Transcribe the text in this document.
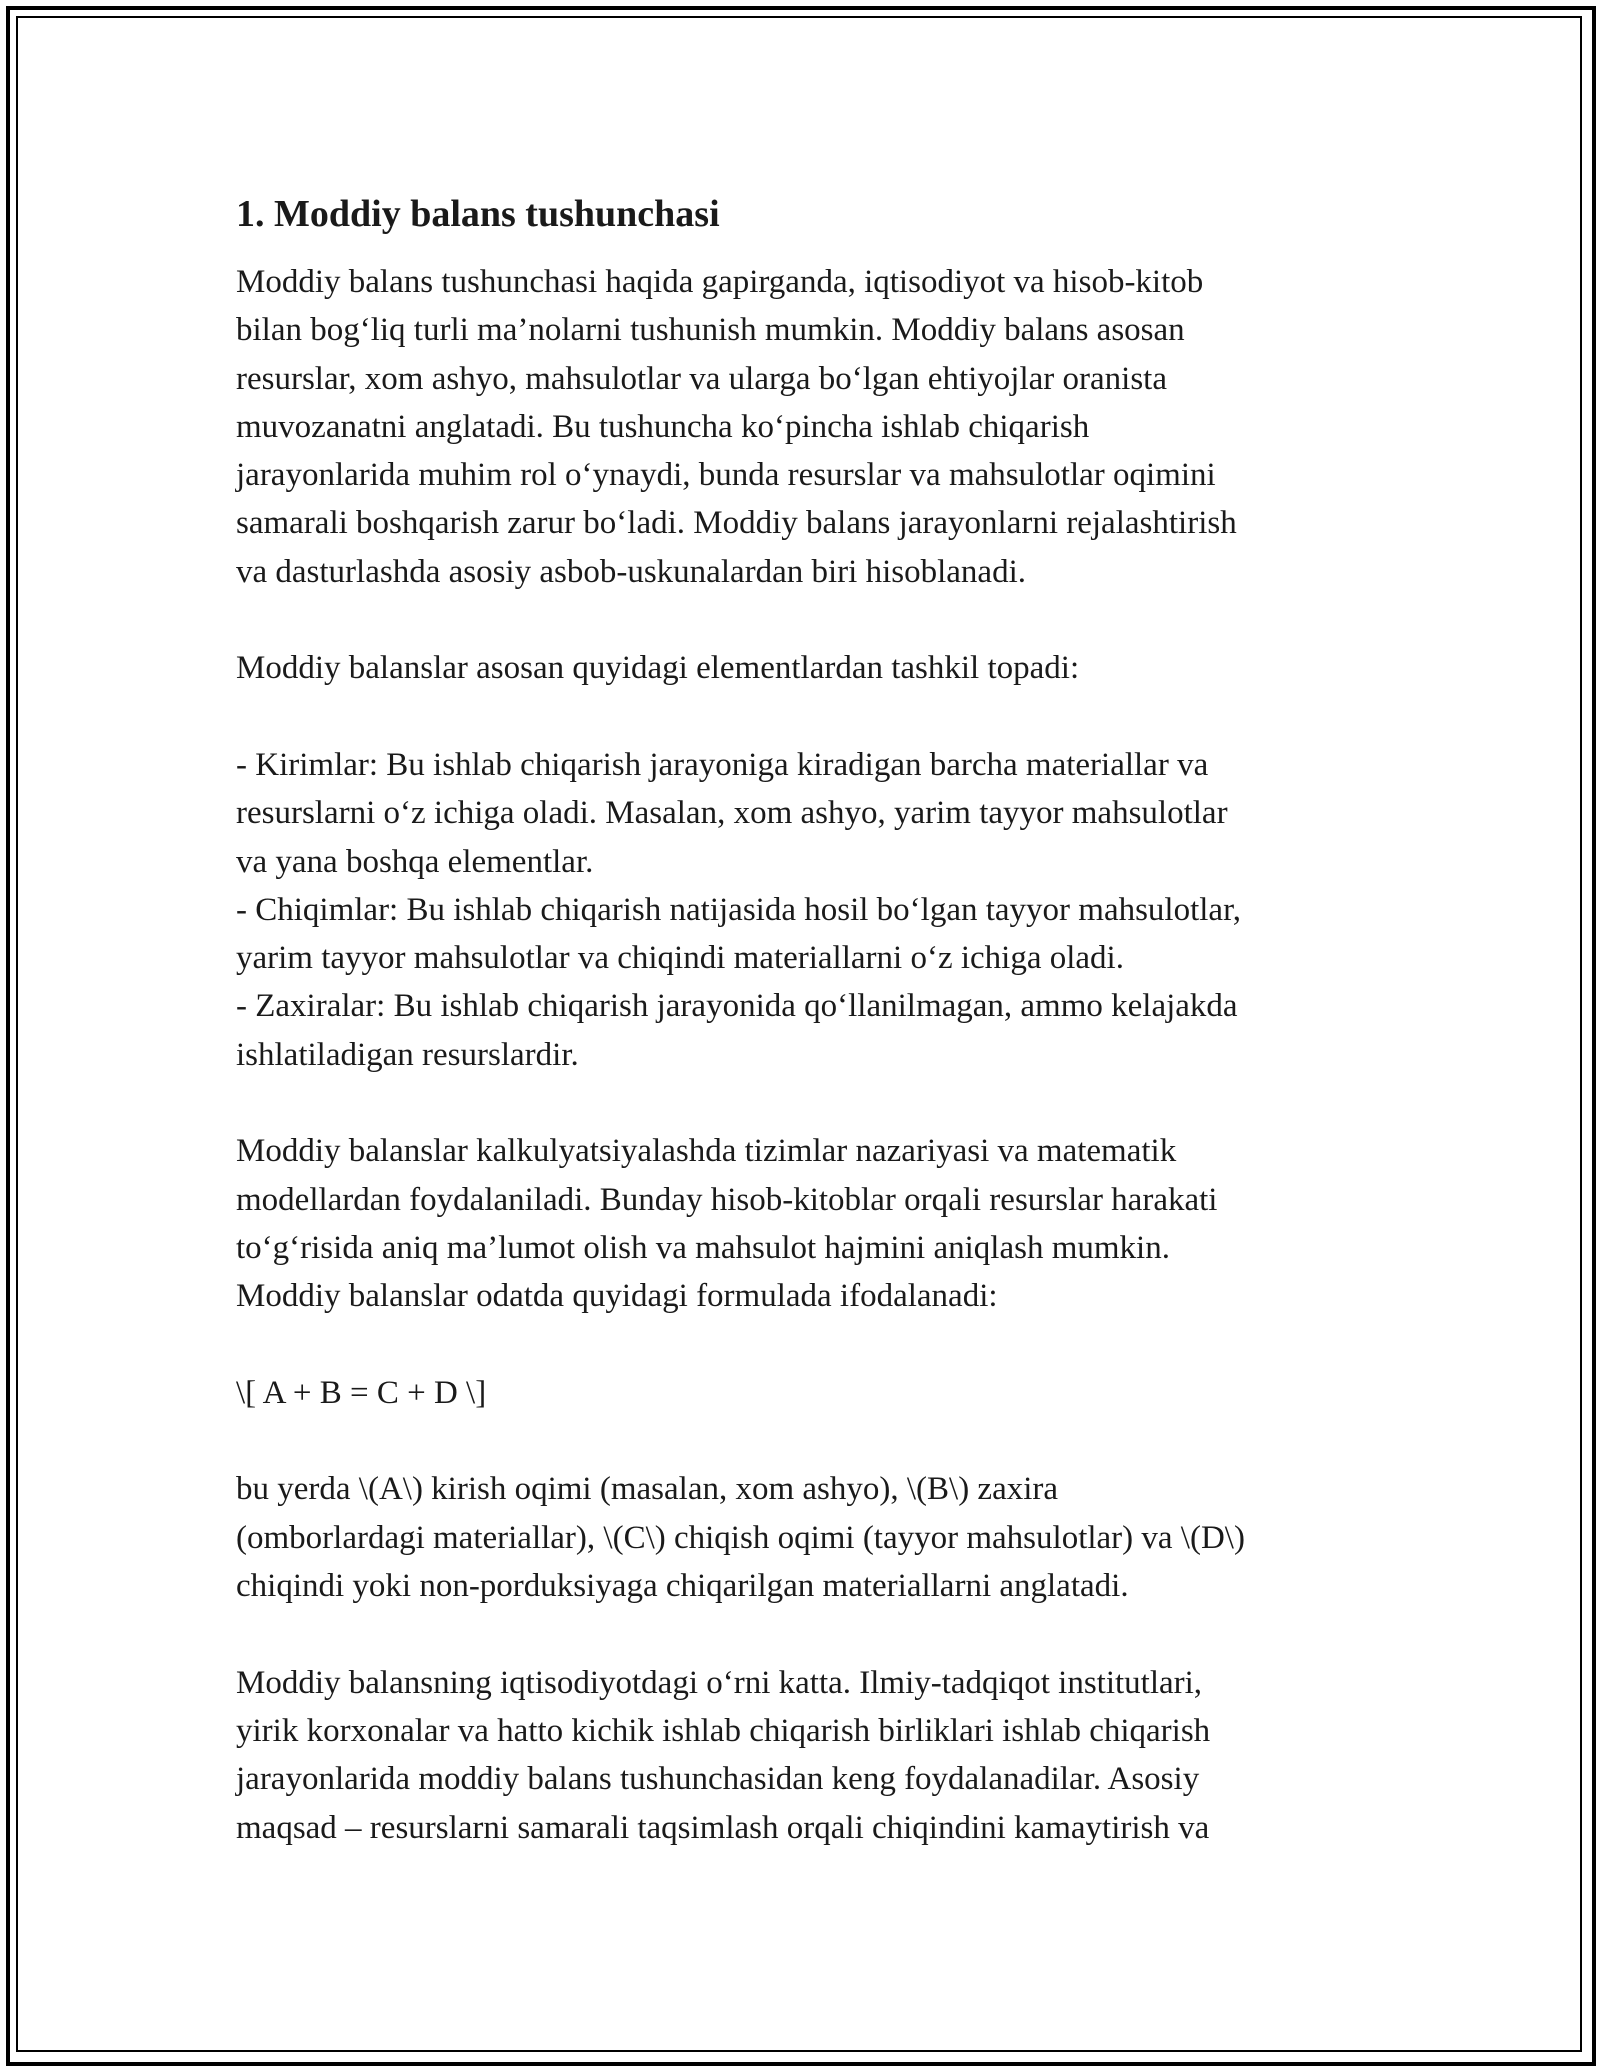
1. Moddiy balans tushunchasi
Moddiy balans tushunchasi haqida gapirganda, iqtisodiyot va hisob-kitob
bilan bog‘liq turli ma’nolarni tushunish mumkin. Moddiy balans asosan
resurslar, xom ashyo, mahsulotlar va ularga bo‘lgan ehtiyojlar oranista
muvozanatni anglatadi. Bu tushuncha ko‘pincha ishlab chiqarish
jarayonlarida muhim rol o‘ynaydi, bunda resurslar va mahsulotlar oqimini
samarali boshqarish zarur bo‘ladi. Moddiy balans jarayonlarni rejalashtirish
va dasturlashda asosiy asbob-uskunalardan biri hisoblanadi.
Moddiy balanslar asosan quyidagi elementlardan tashkil topadi:
- Kirimlar: Bu ishlab chiqarish jarayoniga kiradigan barcha materiallar va
resurslarni o‘z ichiga oladi. Masalan, xom ashyo, yarim tayyor mahsulotlar
va yana boshqa elementlar.
- Chiqimlar: Bu ishlab chiqarish natijasida hosil bo‘lgan tayyor mahsulotlar,
yarim tayyor mahsulotlar va chiqindi materiallarni o‘z ichiga oladi.
- Zaxiralar: Bu ishlab chiqarish jarayonida qo‘llanilmagan, ammo kelajakda
ishlatiladigan resurslardir.
Moddiy balanslar kalkulyatsiyalashda tizimlar nazariyasi va matematik
modellardan foydalaniladi. Bunday hisob-kitoblar orqali resurslar harakati
to‘g‘risida aniq ma’lumot olish va mahsulot hajmini aniqlash mumkin.
Moddiy balanslar odatda quyidagi formulada ifodalanadi:
\[ A + B = C + D \]
bu yerda \(A\) kirish oqimi (masalan, xom ashyo), \(B\) zaxira
(omborlardagi materiallar), \(C\) chiqish oqimi (tayyor mahsulotlar) va \(D\)
chiqindi yoki non-porduksiyaga chiqarilgan materiallarni anglatadi.
Moddiy balansning iqtisodiyotdagi o‘rni katta. Ilmiy-tadqiqot institutlari,
yirik korxonalar va hatto kichik ishlab chiqarish birliklari ishlab chiqarish
jarayonlarida moddiy balans tushunchasidan keng foydalanadilar. Asosiy
maqsad – resurslarni samarali taqsimlash orqali chiqindini kamaytirish va
